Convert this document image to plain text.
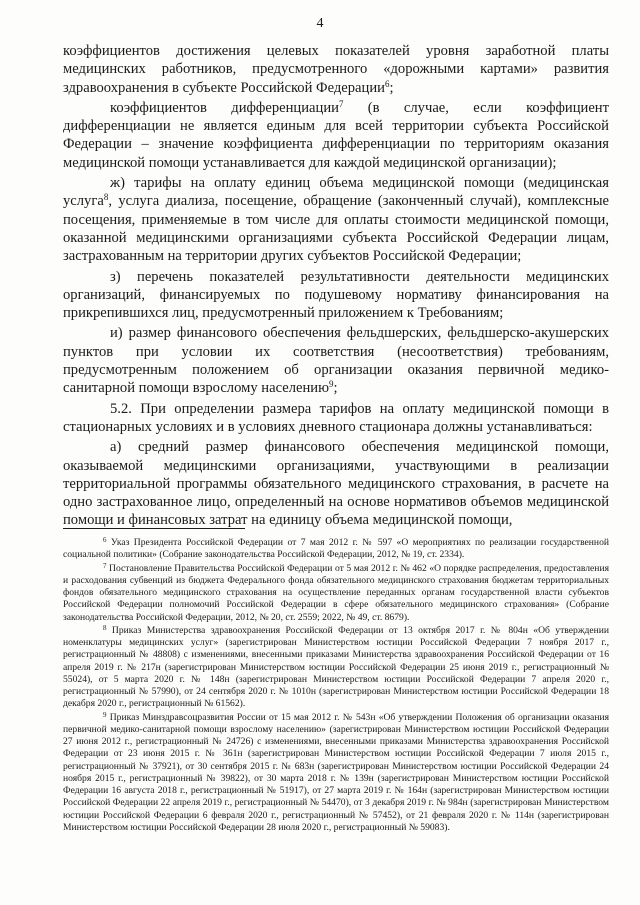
4

коэффициентов достижения целевых показателей уровня заработной платы медицинских работников, предусмотренного «дорожными картами» развития здравоохранения в субъекте Российской Федерации$^6$;

коэффициентов дифференциации$^7$ (в случае, если коэффициент дифференциации не является единым для всей территории субъекта Российской Федерации – значение коэффициента дифференциации по территориям оказания медицинской помощи устанавливается для каждой медицинской организации);

ж) тарифы на оплату единиц объема медицинской помощи (медицинская услуга$^8$, услуга диализа, посещение, обращение (законченный случай), комплексные посещения, применяемые в том числе для оплаты стоимости медицинской помощи, оказанной медицинскими организациями субъекта Российской Федерации лицам, застрахованным на территории других субъектов Российской Федерации;

з) перечень показателей результативности деятельности медицинских организаций, финансируемых по подушевому нормативу финансирования на прикрепившихся лиц, предусмотренный приложением к Требованиям;

и) размер финансового обеспечения фельдшерских, фельдшерско-акушерских пунктов при условии их соответствия (несоответствия) требованиям, предусмотренным положением об организации оказания первичной медико-санитарной помощи взрослому населению$^9$;

5.2. При определении размера тарифов на оплату медицинской помощи в стационарных условиях и в условиях дневного стационара должны устанавливаться:

а) средний размер финансового обеспечения медицинской помощи, оказываемой медицинскими организациями, участвующими в реализации территориальной программы обязательного медицинского страхования, в расчете на одно застрахованное лицо, определенный на основе нормативов объемов медицинской помощи и финансовых затрат на единицу объема медицинской помощи,

$^6$ Указ Президента Российской Федерации от 7 мая 2012 г. № 597 «О мероприятиях по реализации государственной социальной политики» (Собрание законодательства Российской Федерации, 2012, № 19, ст. 2334).

$^7$ Постановление Правительства Российской Федерации от 5 мая 2012 г. № 462 «О порядке распределения, предоставления и расходования субвенций из бюджета Федерального фонда обязательного медицинского страхования бюджетам территориальных фондов обязательного медицинского страхования на осуществление переданных органам государственной власти субъектов Российской Федерации полномочий Российской Федерации в сфере обязательного медицинского страхования» (Собрание законодательства Российской Федерации, 2012, № 20, ст. 2559; 2022, № 49, ст. 8679).

$^8$ Приказ Министерства здравоохранения Российской Федерации от 13 октября 2017 г. № 804н «Об утверждении номенклатуры медицинских услуг» (зарегистрирован Министерством юстиции Российской Федерации 7 ноября 2017 г., регистрационный № 48808) с изменениями, внесенными приказами Министерства здравоохранения Российской Федерации от 16 апреля 2019 г. № 217н (зарегистрирован Министерством юстиции Российской Федерации 25 июня 2019 г., регистрационный № 55024), от 5 марта 2020 г. № 148н (зарегистрирован Министерством юстиции Российской Федерации 7 апреля 2020 г., регистрационный № 57990), от 24 сентября 2020 г. № 1010н (зарегистрирован Министерством юстиции Российской Федерации 18 декабря 2020 г., регистрационный № 61562).

$^9$ Приказ Минздравсоцразвития России от 15 мая 2012 г. № 543н «Об утверждении Положения об организации оказания первичной медико-санитарной помощи взрослому населению» (зарегистрирован Министерством юстиции Российской Федерации 27 июня 2012 г., регистрационный № 24726) с изменениями, внесенными приказами Министерства здравоохранения Российской Федерации от 23 июня 2015 г. № 361н (зарегистрирован Министерством юстиции Российской Федерации 7 июля 2015 г., регистрационный № 37921), от 30 сентября 2015 г. № 683н (зарегистрирован Министерством юстиции Российской Федерации 24 ноября 2015 г., регистрационный № 39822), от 30 марта 2018 г. № 139н (зарегистрирован Министерством юстиции Российской Федерации 16 августа 2018 г., регистрационный № 51917), от 27 марта 2019 г. № 164н (зарегистрирован Министерством юстиции Российской Федерации 22 апреля 2019 г., регистрационный № 54470), от 3 декабря 2019 г. № 984н (зарегистрирован Министерством юстиции Российской Федерации 6 февраля 2020 г., регистрационный № 57452), от 21 февраля 2020 г. № 114н (зарегистрирован Министерством юстиции Российской Федерации 28 июля 2020 г., регистрационный № 59083).
